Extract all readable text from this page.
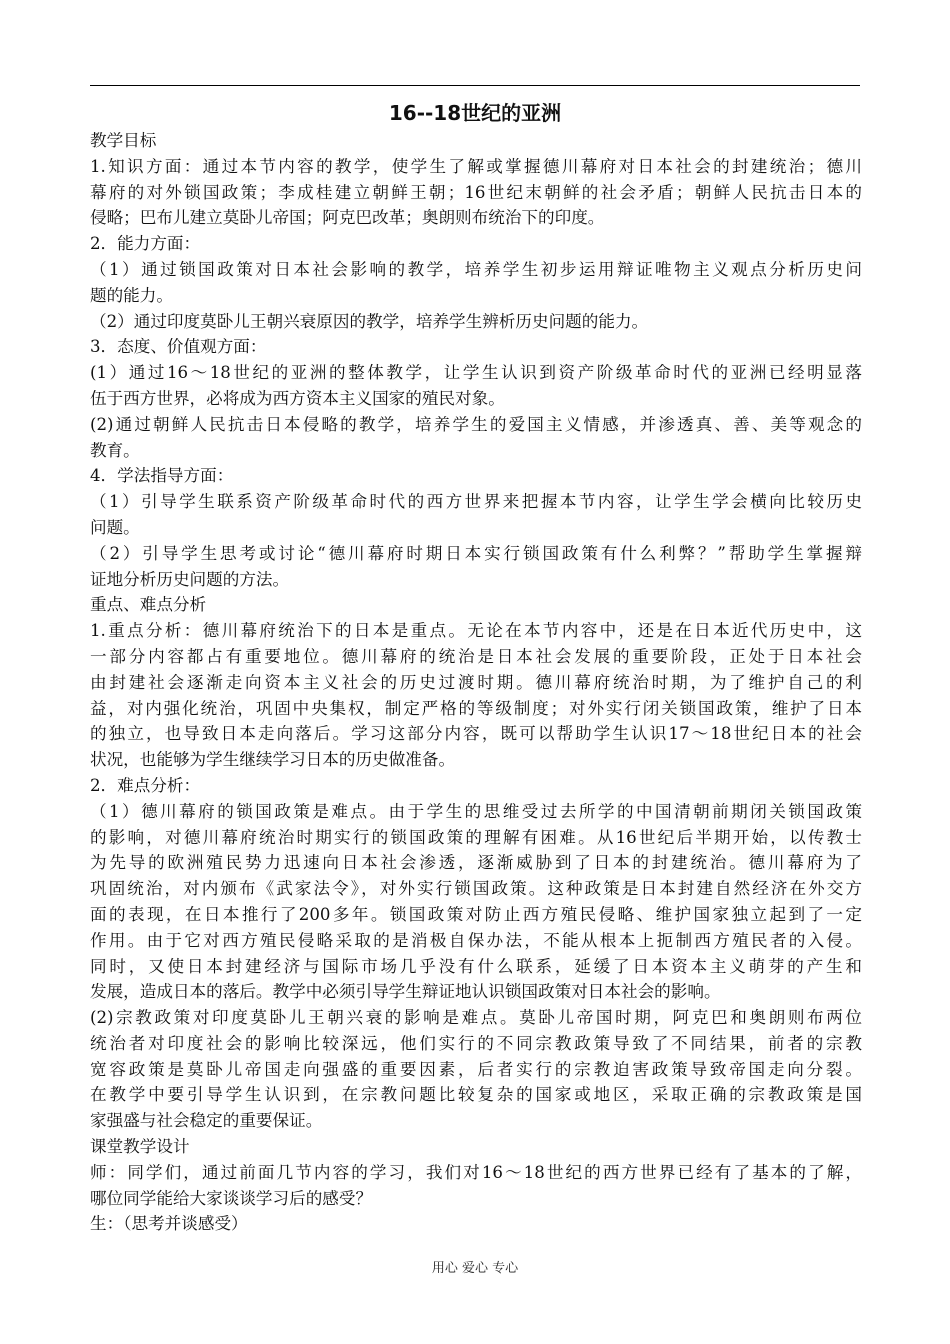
16--18世纪的亚洲
教学目标
1.知识方面：通过本节内容的教学，使学生了解或掌握德川幕府对日本社会的封建统治；德川
幕府的对外锁国政策；李成桂建立朝鲜王朝；16世纪末朝鲜的社会矛盾；朝鲜人民抗击日本的
侵略；巴布儿建立莫卧儿帝国；阿克巴改革；奥朗则布统治下的印度。
2．能力方面：
（1）通过锁国政策对日本社会影响的教学，培养学生初步运用辩证唯物主义观点分析历史问
题的能力。
（2）通过印度莫卧儿王朝兴衰原因的教学，培养学生辨析历史问题的能力。
3．态度、价值观方面：
(1）通过16～18世纪的亚洲的整体教学，让学生认识到资产阶级革命时代的亚洲已经明显落
伍于西方世界，必将成为西方资本主义国家的殖民对象。
(2)通过朝鲜人民抗击日本侵略的教学，培养学生的爱国主义情感，并渗透真、善、美等观念的
教育。
4．学法指导方面：
（1）引导学生联系资产阶级革命时代的西方世界来把握本节内容，让学生学会横向比较历史
问题。
（2）引导学生思考或讨论“德川幕府时期日本实行锁国政策有什么利弊？”帮助学生掌握辩
证地分析历史问题的方法。
重点、难点分析
1.重点分析：德川幕府统治下的日本是重点。无论在本节内容中，还是在日本近代历史中，这
一部分内容都占有重要地位。德川幕府的统治是日本社会发展的重要阶段，正处于日本社会
由封建社会逐渐走向资本主义社会的历史过渡时期。德川幕府统治时期，为了维护自己的利
益，对内强化统治，巩固中央集权，制定严格的等级制度；对外实行闭关锁国政策，维护了日本
的独立，也导致日本走向落后。学习这部分内容，既可以帮助学生认识17～18世纪日本的社会
状况，也能够为学生继续学习日本的历史做准备。
2．难点分析：
（1）德川幕府的锁国政策是难点。由于学生的思维受过去所学的中国清朝前期闭关锁国政策
的影响，对德川幕府统治时期实行的锁国政策的理解有困难。从16世纪后半期开始，以传教士
为先导的欧洲殖民势力迅速向日本社会渗透，逐渐威胁到了日本的封建统治。德川幕府为了
巩固统治，对内颁布《武家法令》，对外实行锁国政策。这种政策是日本封建自然经济在外交方
面的表现，在日本推行了200多年。锁国政策对防止西方殖民侵略、维护国家独立起到了一定
作用。由于它对西方殖民侵略采取的是消极自保办法，不能从根本上扼制西方殖民者的入侵。
同时，又使日本封建经济与国际市场几乎没有什么联系，延缓了日本资本主义萌芽的产生和
发展，造成日本的落后。教学中必须引导学生辩证地认识锁国政策对日本社会的影响。
(2)宗教政策对印度莫卧儿王朝兴衰的影响是难点。莫卧儿帝国时期，阿克巴和奥朗则布两位
统治者对印度社会的影响比较深远，他们实行的不同宗教政策导致了不同结果，前者的宗教
宽容政策是莫卧儿帝国走向强盛的重要因素，后者实行的宗教迫害政策导致帝国走向分裂。
在教学中要引导学生认识到，在宗教问题比较复杂的国家或地区，采取正确的宗教政策是国
家强盛与社会稳定的重要保证。
课堂教学设计
师：同学们，通过前面几节内容的学习，我们对16～18世纪的西方世界已经有了基本的了解，
哪位同学能给大家谈谈学习后的感受？
生：（思考并谈感受）
用心 爱心 专心
